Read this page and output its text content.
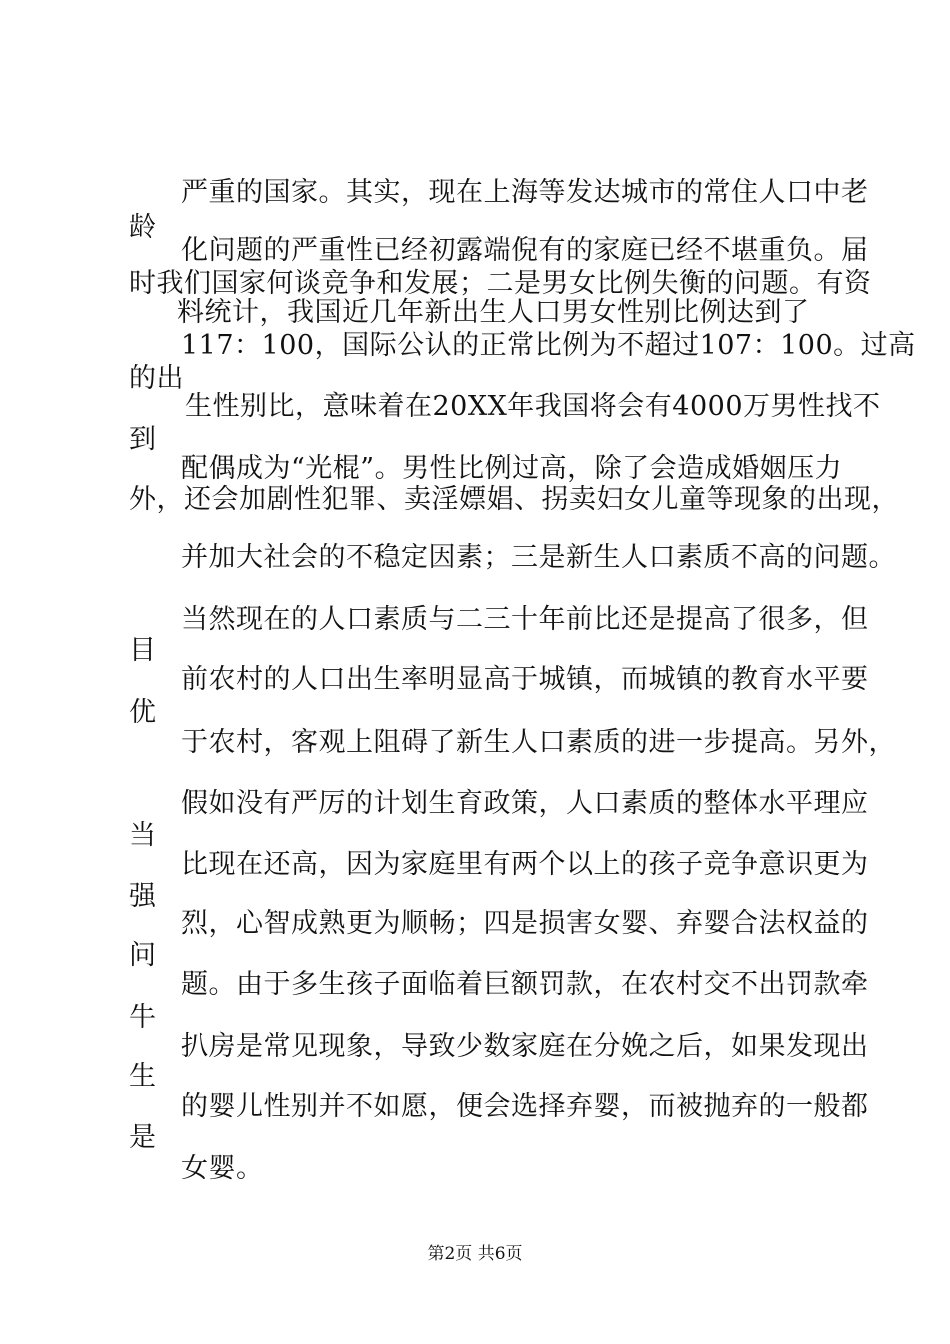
严重的国家。其实，现在上海等发达城市的常住人口中老
龄
化问题的严重性已经初露端倪有的家庭已经不堪重负。届
时我们国家何谈竞争和发展；二是男女比例失衡的问题。有资
料统计，我国近几年新出生人口男女性别比例达到了
117：100，国际公认的正常比例为不超过107：100。过高
的出
生性别比，意味着在20XX年我国将会有4000万男性找不
到
配偶成为“光棍”。男性比例过高，除了会造成婚姻压力
外，还会加剧性犯罪、卖淫嫖娼、拐卖妇女儿童等现象的出现，
并加大社会的不稳定因素；三是新生人口素质不高的问题。
当然现在的人口素质与二三十年前比还是提高了很多，但
目
前农村的人口出生率明显高于城镇，而城镇的教育水平要
优
于农村，客观上阻碍了新生人口素质的进一步提高。另外，
假如没有严厉的计划生育政策，人口素质的整体水平理应
当
比现在还高，因为家庭里有两个以上的孩子竞争意识更为
强
烈，心智成熟更为顺畅；四是损害女婴、弃婴合法权益的
问
题。由于多生孩子面临着巨额罚款，在农村交不出罚款牵
牛
扒房是常见现象，导致少数家庭在分娩之后，如果发现出
生
的婴儿性别并不如愿，便会选择弃婴，而被抛弃的一般都
是
女婴。
第2页 共6页
